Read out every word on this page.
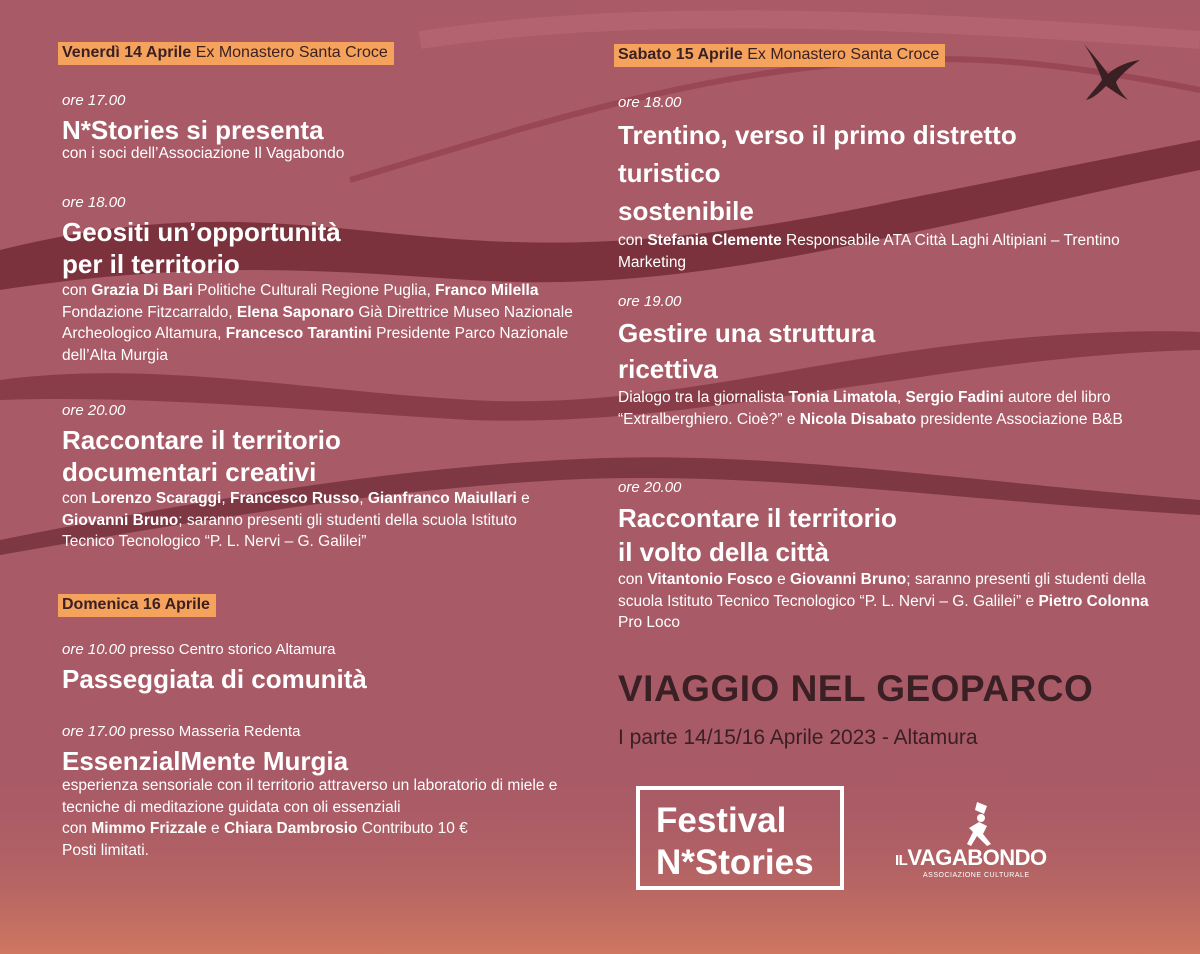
Venerdì 14 Aprile Ex Monastero Santa Croce
ore 17.00
N*Stories si presenta
con i soci dell’Associazione Il Vagabondo
ore 18.00
Geositi un’opportunità
per il territorio
con Grazia Di Bari Politiche Culturali Regione Puglia, Franco Milella Fondazione Fitzcarraldo, Elena Saponaro Già Direttrice Museo Nazionale Archeologico Altamura, Francesco Tarantini Presidente Parco Nazionale dell’Alta Murgia
ore 20.00
Raccontare il territorio
documentari creativi
con Lorenzo Scaraggi, Francesco Russo, Gianfranco Maiullari e Giovanni Bruno; saranno presenti gli studenti della scuola Istituto Tecnico Tecnologico “P. L. Nervi – G. Galilei”
Domenica 16 Aprile
ore 10.00 presso Centro storico Altamura
Passeggiata di comunità
ore 17.00 presso Masseria Redenta
EssenzialMente Murgia
esperienza sensoriale con il territorio attraverso un laboratorio di miele e tecniche di meditazione guidata con oli essenziali
con Mimmo Frizzale e Chiara Dambrosio Contributo 10 €
Posti limitati.
Sabato 15 Aprile Ex Monastero Santa Croce
ore 18.00
Trentino, verso il primo distretto
turistico
sostenibile
con Stefania Clemente Responsabile ATA Città Laghi Altipiani – Trentino Marketing
ore 19.00
Gestire una struttura
ricettiva
Dialogo tra la giornalista Tonia Limatola, Sergio Fadini autore del libro “Extralberghiero. Cioè?” e Nicola Disabato presidente Associazione B&B
ore 20.00
Raccontare il territorio
il volto della città
con Vitantonio Fosco e Giovanni Bruno; saranno presenti gli studenti della scuola Istituto Tecnico Tecnologico “P. L. Nervi – G. Galilei” e Pietro Colonna Pro Loco
VIAGGIO NEL GEOPARCO
I parte 14/15/16 Aprile 2023 - Altamura
Festival
N*Stories	ILVAGABONDO
ASSOCIAZIONE CULTURALE
